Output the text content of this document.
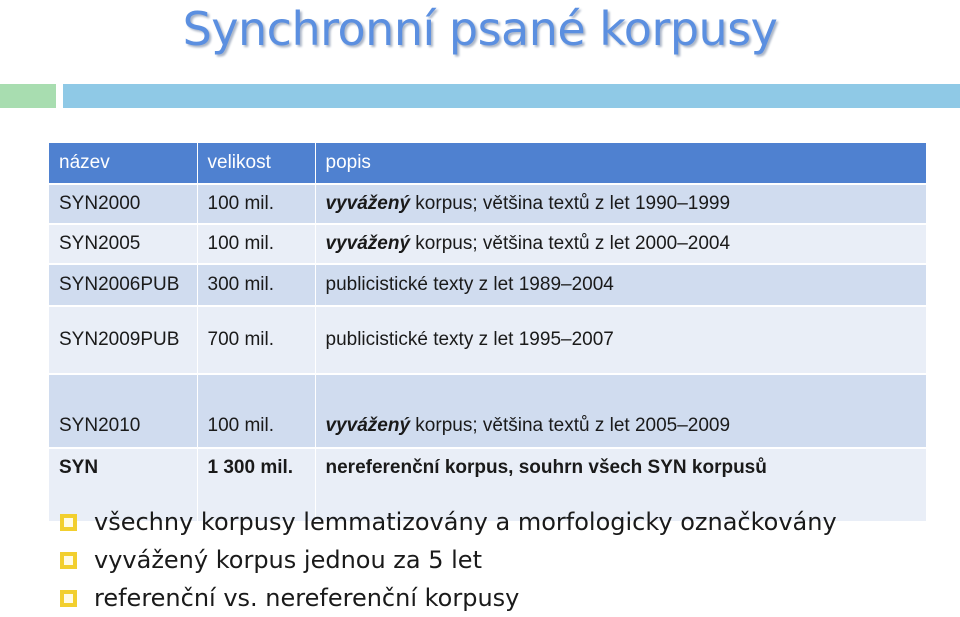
Synchronní psané korpusy
název	velikost	popis
SYN2000	100 mil.	vyvážený korpus; většina textů z let 1990–1999
SYN2005	100 mil.	vyvážený korpus; většina textů z let 2000–2004
SYN2006PUB	300 mil.	publicistické texty z let 1989–2004
SYN2009PUB	700 mil.	publicistické texty z let 1995–2007
SYN2010	100 mil.	vyvážený korpus; většina textů z let 2005–2009
SYN	1 300 mil.	nereferenční korpus, souhrn všech SYN korpusů
všechny korpusy lemmatizovány a morfologicky označkovány
vyvážený korpus jednou za 5 let
referenční vs. nereferenční korpusy
